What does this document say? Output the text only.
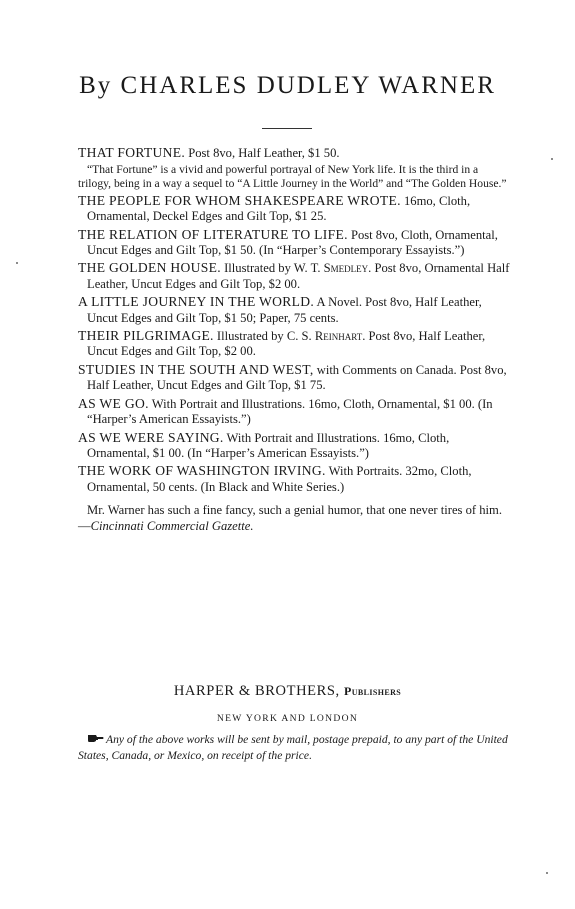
By CHARLES DUDLEY WARNER

THAT FORTUNE. Post 8vo, Half Leather, $1 50.

“That Fortune” is a vivid and powerful portrayal of New York life. It is the third in a trilogy, being in a way a sequel to “A Little Journey in the World” and “The Golden House.”

THE PEOPLE FOR WHOM SHAKESPEARE WROTE. 16mo, Cloth, Ornamental, Deckel Edges and Gilt Top, $1 25.

THE RELATION OF LITERATURE TO LIFE. Post 8vo, Cloth, Ornamental, Uncut Edges and Gilt Top, $1 50. (In “Harper’s Contemporary Essayists.”)

THE GOLDEN HOUSE. Illustrated by W. T. Smedley. Post 8vo, Ornamental Half Leather, Uncut Edges and Gilt Top, $2 00.

A LITTLE JOURNEY IN THE WORLD. A Novel. Post 8vo, Half Leather, Uncut Edges and Gilt Top, $1 50; Paper, 75 cents.

THEIR PILGRIMAGE. Illustrated by C. S. Reinhart. Post 8vo, Half Leather, Uncut Edges and Gilt Top, $2 00.

STUDIES IN THE SOUTH AND WEST, with Comments on Canada. Post 8vo, Half Leather, Uncut Edges and Gilt Top, $1 75.

AS WE GO. With Portrait and Illustrations. 16mo, Cloth, Ornamental, $1 00. (In “Harper’s American Essayists.”)

AS WE WERE SAYING. With Portrait and Illustrations. 16mo, Cloth, Ornamental, $1 00. (In “Harper’s American Essayists.”)

THE WORK OF WASHINGTON IRVING. With Portraits. 32mo, Cloth, Ornamental, 50 cents. (In Black and White Series.)

Mr. Warner has such a fine fancy, such a genial humor, that one never tires of him.—Cincinnati Commercial Gazette.

HARPER & BROTHERS, Publishers
NEW YORK AND LONDON
Any of the above works will be sent by mail, postage prepaid, to any part of the United States, Canada, or Mexico, on receipt of the price.
